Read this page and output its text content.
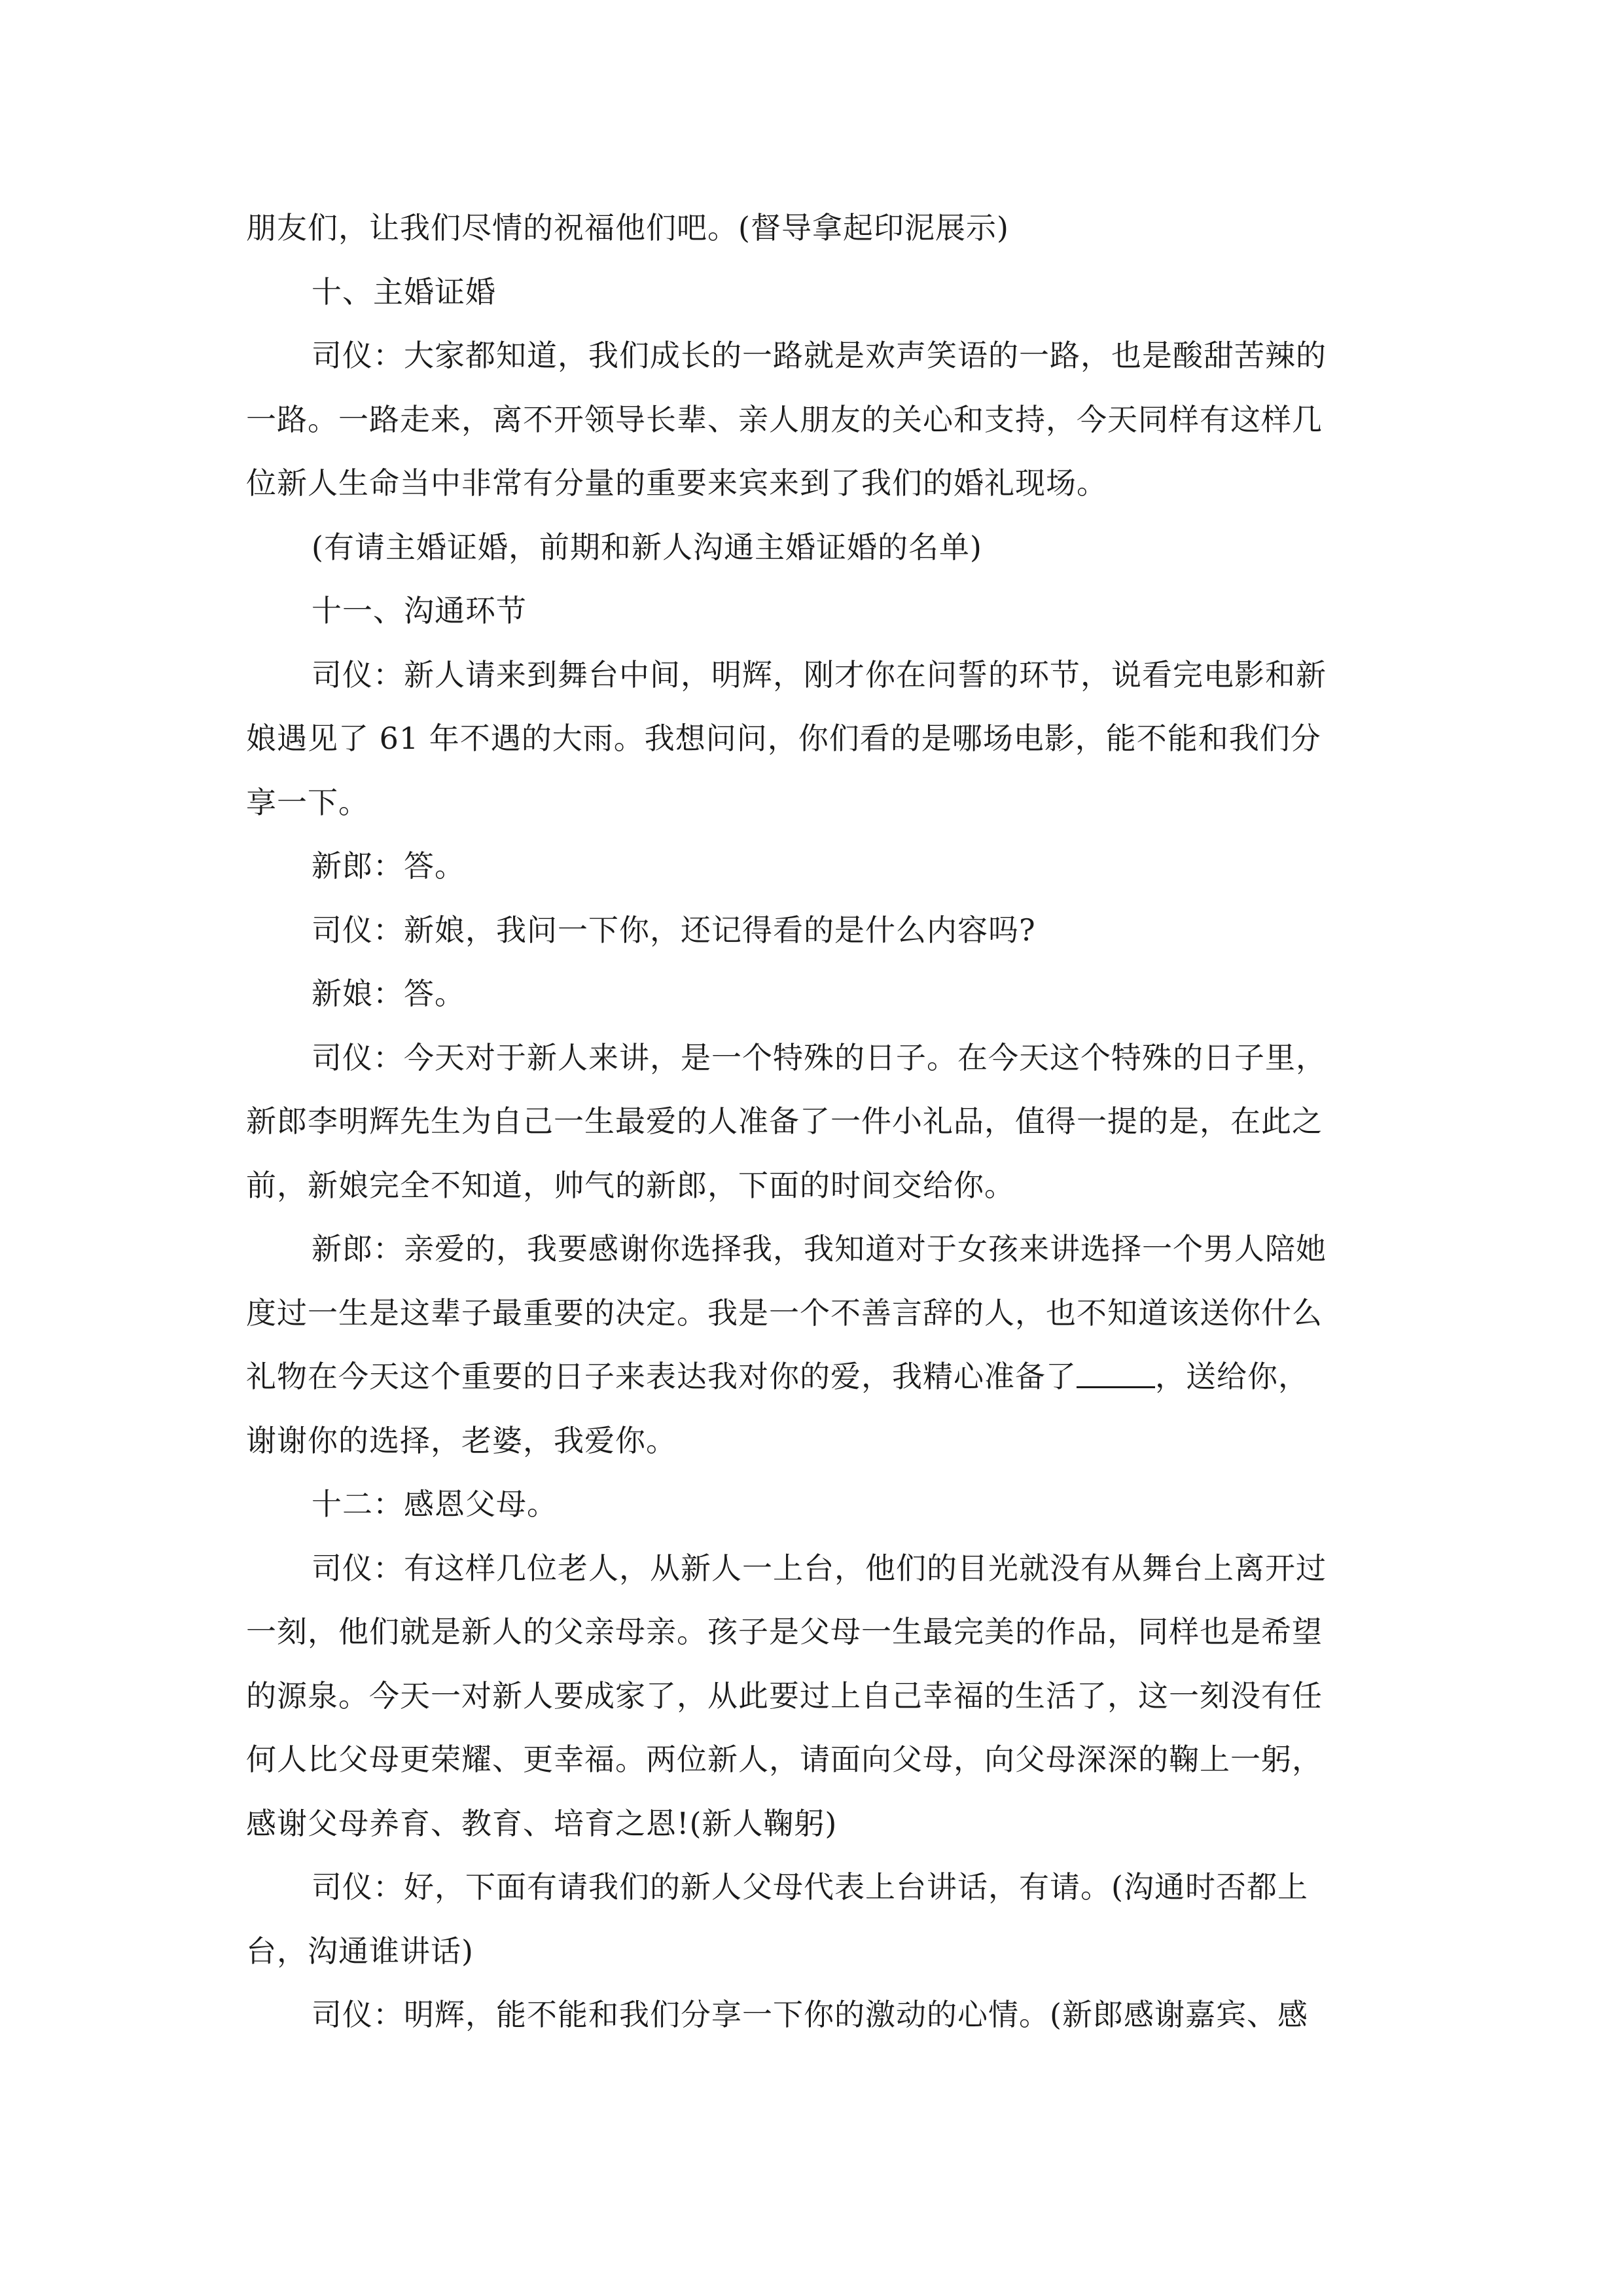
朋友们，让我们尽情的祝福他们吧。(督导拿起印泥展示)
十、主婚证婚
司仪：大家都知道，我们成长的一路就是欢声笑语的一路，也是酸甜苦辣的
一路。一路走来，离不开领导长辈、亲人朋友的关心和支持，今天同样有这样几
位新人生命当中非常有分量的重要来宾来到了我们的婚礼现场。
(有请主婚证婚，前期和新人沟通主婚证婚的名单)
十一、沟通环节
司仪：新人请来到舞台中间，明辉，刚才你在问誓的环节，说看完电影和新
娘遇见了 61 年不遇的大雨。我想问问，你们看的是哪场电影，能不能和我们分
享一下。
新郎：答。
司仪：新娘，我问一下你，还记得看的是什么内容吗?
新娘：答。
司仪：今天对于新人来讲，是一个特殊的日子。在今天这个特殊的日子里，
新郎李明辉先生为自己一生最爱的人准备了一件小礼品，值得一提的是，在此之
前，新娘完全不知道，帅气的新郎，下面的时间交给你。
新郎：亲爱的，我要感谢你选择我，我知道对于女孩来讲选择一个男人陪她
度过一生是这辈子最重要的决定。我是一个不善言辞的人，也不知道该送你什么
礼物在今天这个重要的日子来表达我对你的爱，我精心准备了	，送给你，
谢谢你的选择，老婆，我爱你。
十二：感恩父母。
司仪：有这样几位老人，从新人一上台，他们的目光就没有从舞台上离开过
一刻，他们就是新人的父亲母亲。孩子是父母一生最完美的作品，同样也是希望
的源泉。今天一对新人要成家了，从此要过上自己幸福的生活了，这一刻没有任
何人比父母更荣耀、更幸福。两位新人，请面向父母，向父母深深的鞠上一躬，
感谢父母养育、教育、培育之恩!(新人鞠躬)
司仪：好，下面有请我们的新人父母代表上台讲话，有请。(沟通时否都上
台，沟通谁讲话)
司仪：明辉，能不能和我们分享一下你的激动的心情。(新郎感谢嘉宾、感
